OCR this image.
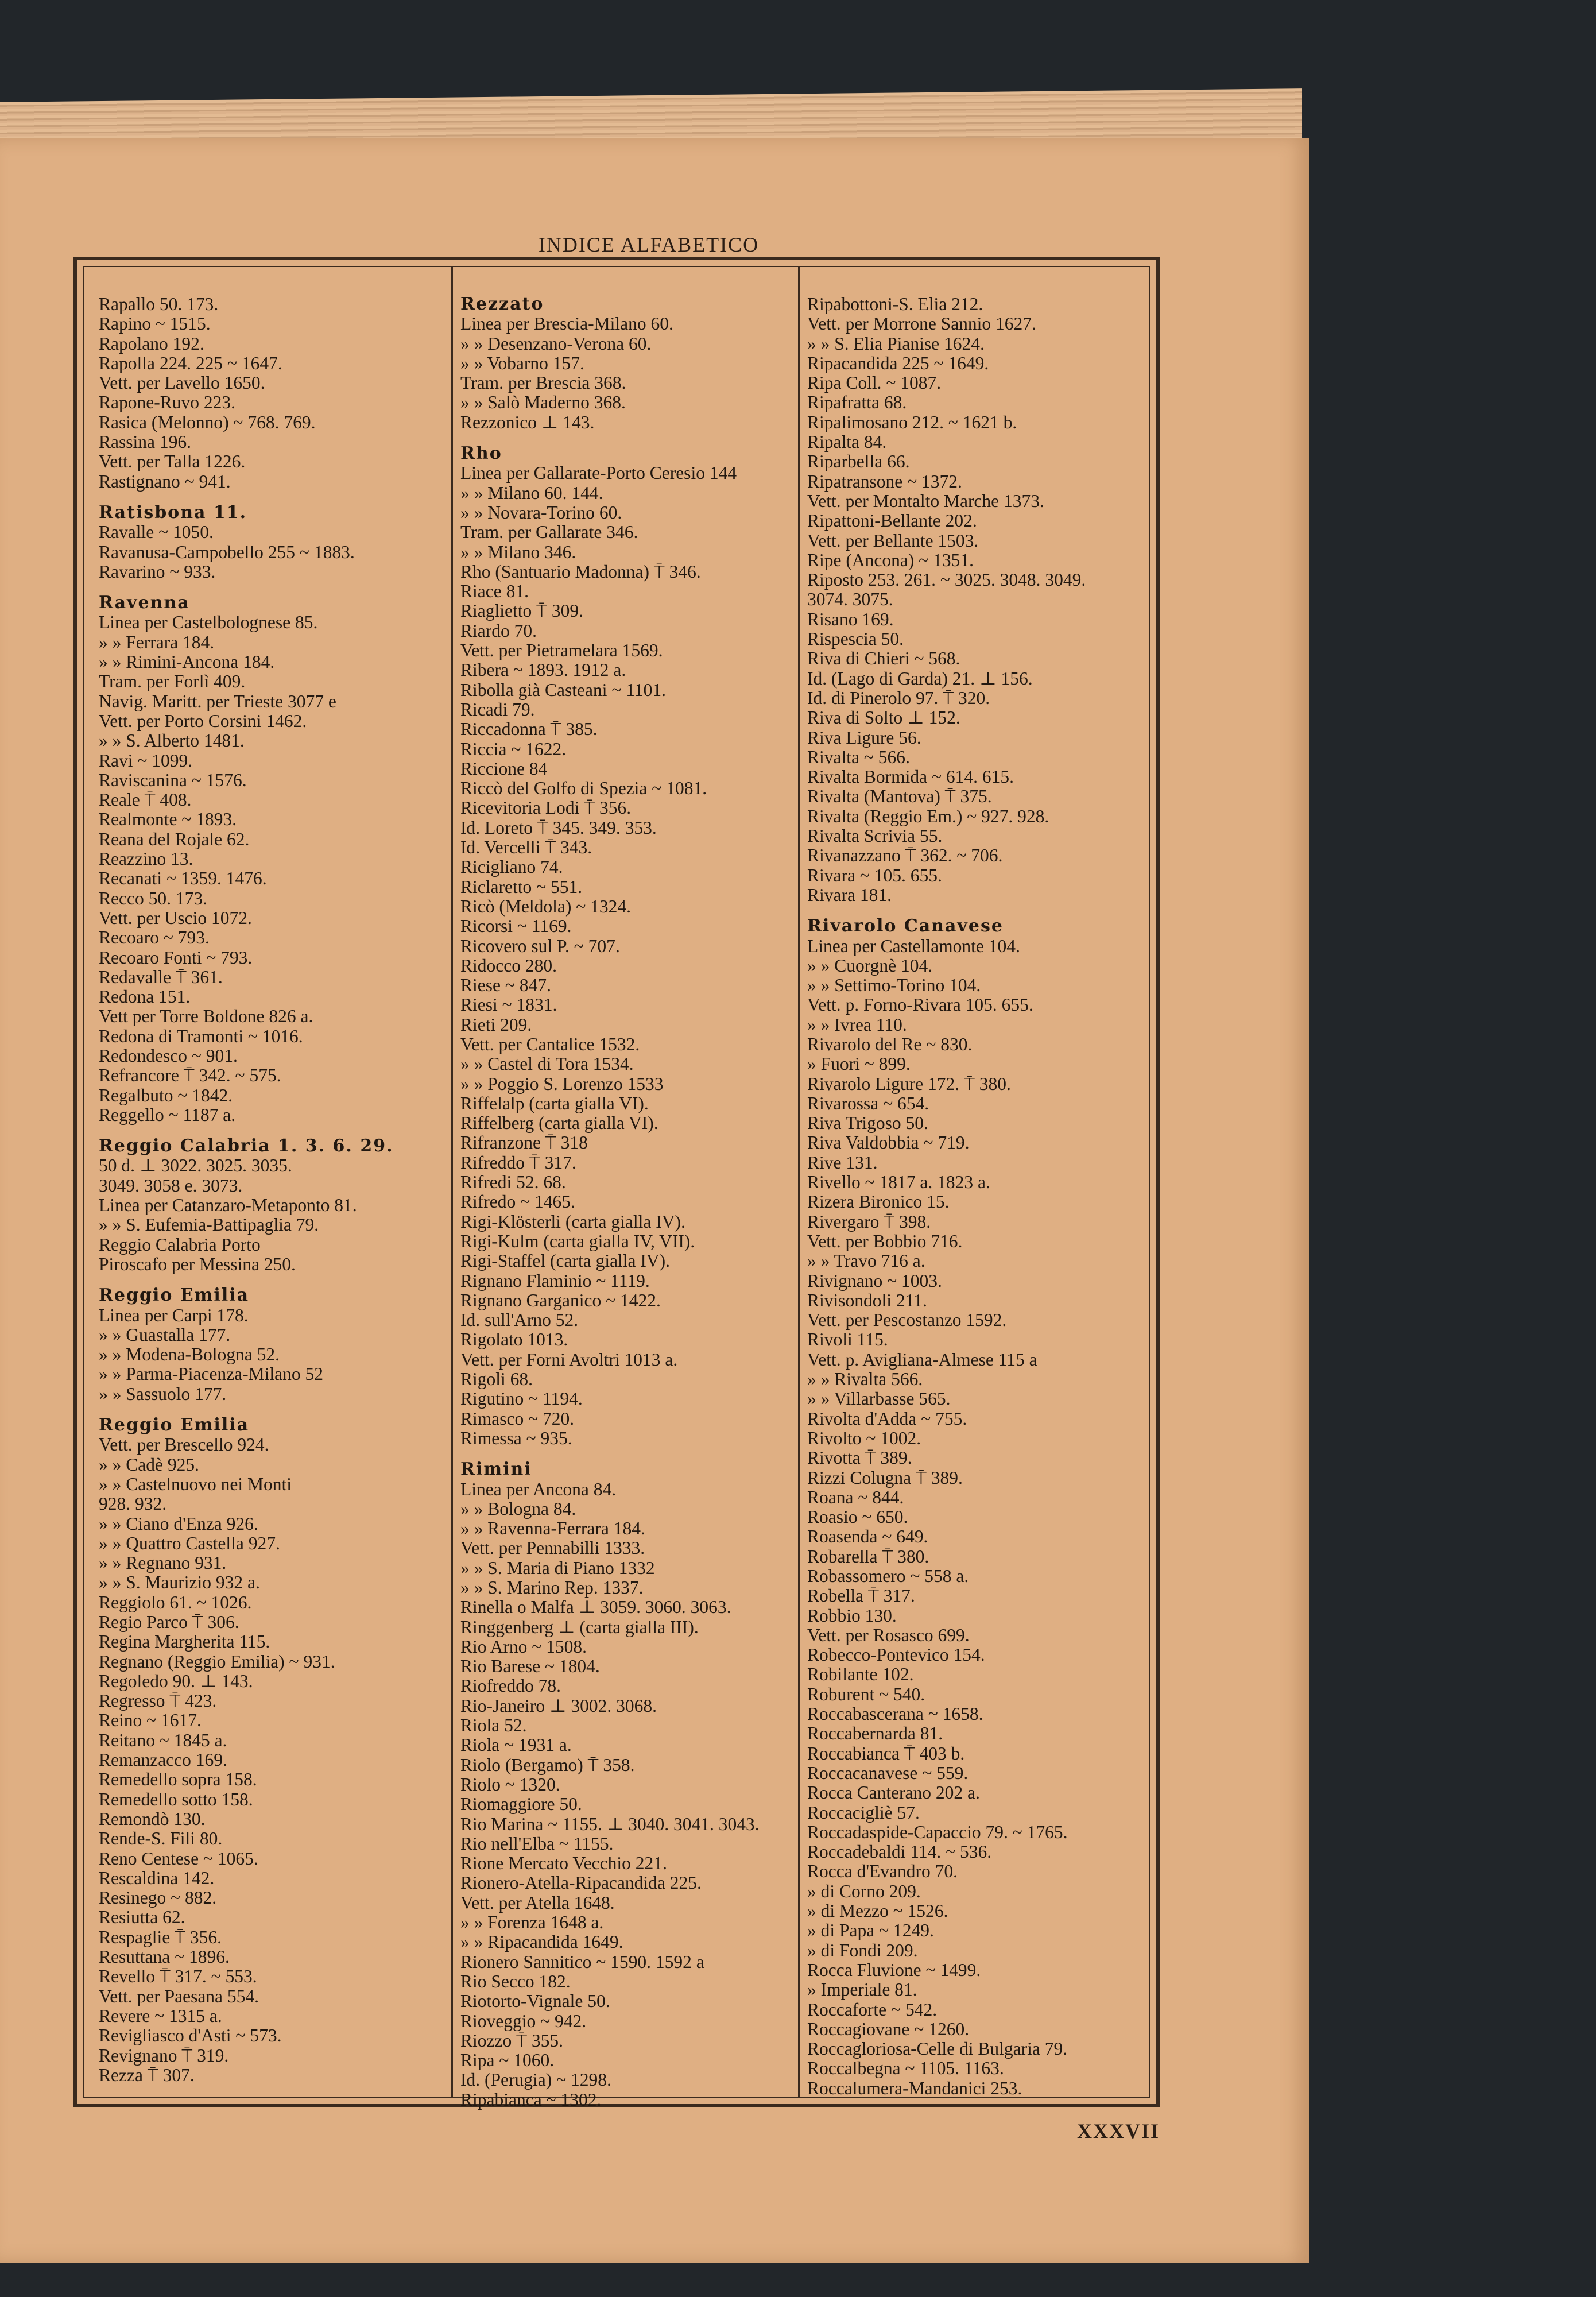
INDICE ALFABETICO
Rapallo 50. 173.
Rapino ~ 1515.
Rapolano 192.
Rapolla 224. 225 ~ 1647.
Vett. per Lavello 1650.
Rapone-Ruvo 223.
Rasica (Melonno) ~ 768. 769.
Rassina 196.
Vett. per Talla 1226.
Rastignano ~ 941.
Ratisbona 11.
Ravalle ~ 1050.
Ravanusa-Campobello 255 ~ 1883.
Ravarino ~ 933.
Ravenna
Linea per Castelbolognese 85.
» » Ferrara 184.
» » Rimini-Ancona 184.
Tram. per Forlì 409.
Navig. Maritt. per Trieste 3077 e
Vett. per Porto Corsini 1462.
» » S. Alberto 1481.
Ravi ~ 1099.
Raviscanina ~ 1576.
Reale ⍑ 408.
Realmonte ~ 1893.
Reana del Rojale 62.
Reazzino 13.
Recanati ~ 1359. 1476.
Recco 50. 173.
Vett. per Uscio 1072.
Recoaro ~ 793.
Recoaro Fonti ~ 793.
Redavalle ⍑ 361.
Redona 151.
Vett per Torre Boldone 826 a.
Redona di Tramonti ~ 1016.
Redondesco ~ 901.
Refrancore ⍑ 342. ~ 575.
Regalbuto ~ 1842.
Reggello ~ 1187 a.
Reggio Calabria 1. 3. 6. 29.
50 d. ⊥ 3022. 3025. 3035.
3049. 3058 e. 3073.
Linea per Catanzaro-Metaponto 81.
» » S. Eufemia-Battipaglia 79.
Reggio Calabria Porto
Piroscafo per Messina 250.
Reggio Emilia
Linea per Carpi 178.
» » Guastalla 177.
» » Modena-Bologna 52.
» » Parma-Piacenza-Milano 52
» » Sassuolo 177.
Reggio Emilia
Vett. per Brescello 924.
» » Cadè 925.
» » Castelnuovo nei Monti
928. 932.
» » Ciano d'Enza 926.
» » Quattro Castella 927.
» » Regnano 931.
» » S. Maurizio 932 a.
Reggiolo 61. ~ 1026.
Regio Parco ⍑ 306.
Regina Margherita 115.
Regnano (Reggio Emilia) ~ 931.
Regoledo 90. ⊥ 143.
Regresso ⍑ 423.
Reino ~ 1617.
Reitano ~ 1845 a.
Remanzacco 169.
Remedello sopra 158.
Remedello sotto 158.
Remondò 130.
Rende-S. Fili 80.
Reno Centese ~ 1065.
Rescaldina 142.
Resinego ~ 882.
Resiutta 62.
Respaglie ⍑ 356.
Resuttana ~ 1896.
Revello ⍑ 317. ~ 553.
Vett. per Paesana 554.
Revere ~ 1315 a.
Revigliasco d'Asti ~ 573.
Revignano ⍑ 319.
Rezza ⍑ 307.
Rezzato
Linea per Brescia-Milano 60.
» » Desenzano-Verona 60.
» » Vobarno 157.
Tram. per Brescia 368.
» » Salò Maderno 368.
Rezzonico ⊥ 143.
Rho
Linea per Gallarate-Porto Ceresio 144
» » Milano 60. 144.
» » Novara-Torino 60.
Tram. per Gallarate 346.
» » Milano 346.
Rho (Santuario Madonna) ⍑ 346.
Riace 81.
Riaglietto ⍑ 309.
Riardo 70.
Vett. per Pietramelara 1569.
Ribera ~ 1893. 1912 a.
Ribolla già Casteani ~ 1101.
Ricadi 79.
Riccadonna ⍑ 385.
Riccia ~ 1622.
Riccione 84
Riccò del Golfo di Spezia ~ 1081.
Ricevitoria Lodi ⍑ 356.
Id. Loreto ⍑ 345. 349. 353.
Id. Vercelli ⍑ 343.
Ricigliano 74.
Riclaretto ~ 551.
Ricò (Meldola) ~ 1324.
Ricorsi ~ 1169.
Ricovero sul P. ~ 707.
Ridocco 280.
Riese ~ 847.
Riesi ~ 1831.
Rieti 209.
Vett. per Cantalice 1532.
» » Castel di Tora 1534.
» » Poggio S. Lorenzo 1533
Riffelalp (carta gialla VI).
Riffelberg (carta gialla VI).
Rifranzone ⍑ 318
Rifreddo ⍑ 317.
Rifredi 52. 68.
Rifredo ~ 1465.
Rigi-Klösterli (carta gialla IV).
Rigi-Kulm (carta gialla IV, VII).
Rigi-Staffel (carta gialla IV).
Rignano Flaminio ~ 1119.
Rignano Garganico ~ 1422.
Id. sull'Arno 52.
Rigolato 1013.
Vett. per Forni Avoltri 1013 a.
Rigoli 68.
Rigutino ~ 1194.
Rimasco ~ 720.
Rimessa ~ 935.
Rimini
Linea per Ancona 84.
» » Bologna 84.
» » Ravenna-Ferrara 184.
Vett. per Pennabilli 1333.
» » S. Maria di Piano 1332
» » S. Marino Rep. 1337.
Rinella o Malfa ⊥ 3059. 3060. 3063.
Ringgenberg ⊥ (carta gialla III).
Rio Arno ~ 1508.
Rio Barese ~ 1804.
Riofreddo 78.
Rio-Janeiro ⊥ 3002. 3068.
Riola 52.
Riola ~ 1931 a.
Riolo (Bergamo) ⍑ 358.
Riolo ~ 1320.
Riomaggiore 50.
Rio Marina ~ 1155. ⊥ 3040. 3041. 3043.
Rio nell'Elba ~ 1155.
Rione Mercato Vecchio 221.
Rionero-Atella-Ripacandida 225.
Vett. per Atella 1648.
» » Forenza 1648 a.
» » Ripacandida 1649.
Rionero Sannitico ~ 1590. 1592 a
Rio Secco 182.
Riotorto-Vignale 50.
Rioveggio ~ 942.
Riozzo ⍑ 355.
Ripa ~ 1060.
Id. (Perugia) ~ 1298.
Ripabianca ~ 1302.
Ripabottoni-S. Elia 212.
Vett. per Morrone Sannio 1627.
» » S. Elia Pianise 1624.
Ripacandida 225 ~ 1649.
Ripa Coll. ~ 1087.
Ripafratta 68.
Ripalimosano 212. ~ 1621 b.
Ripalta 84.
Riparbella 66.
Ripatransone ~ 1372.
Vett. per Montalto Marche 1373.
Ripattoni-Bellante 202.
Vett. per Bellante 1503.
Ripe (Ancona) ~ 1351.
Riposto 253. 261. ~ 3025. 3048. 3049.
3074. 3075.
Risano 169.
Rispescia 50.
Riva di Chieri ~ 568.
Id. (Lago di Garda) 21. ⊥ 156.
Id. di Pinerolo 97. ⍑ 320.
Riva di Solto ⊥ 152.
Riva Ligure 56.
Rivalta ~ 566.
Rivalta Bormida ~ 614. 615.
Rivalta (Mantova) ⍑ 375.
Rivalta (Reggio Em.) ~ 927. 928.
Rivalta Scrivia 55.
Rivanazzano ⍑ 362. ~ 706.
Rivara ~ 105. 655.
Rivara 181.
Rivarolo Canavese
Linea per Castellamonte 104.
» » Cuorgnè 104.
» » Settimo-Torino 104.
Vett. p. Forno-Rivara 105. 655.
» » Ivrea 110.
Rivarolo del Re ~ 830.
» Fuori ~ 899.
Rivarolo Ligure 172. ⍑ 380.
Rivarossa ~ 654.
Riva Trigoso 50.
Riva Valdobbia ~ 719.
Rive 131.
Rivello ~ 1817 a. 1823 a.
Rizera Bironico 15.
Rivergaro ⍑ 398.
Vett. per Bobbio 716.
» » Travo 716 a.
Rivignano ~ 1003.
Rivisondoli 211.
Vett. per Pescostanzo 1592.
Rivoli 115.
Vett. p. Avigliana-Almese 115 a
» » Rivalta 566.
» » Villarbasse 565.
Rivolta d'Adda ~ 755.
Rivolto ~ 1002.
Rivotta ⍑ 389.
Rizzi Colugna ⍑ 389.
Roana ~ 844.
Roasio ~ 650.
Roasenda ~ 649.
Robarella ⍑ 380.
Robassomero ~ 558 a.
Robella ⍑ 317.
Robbio 130.
Vett. per Rosasco 699.
Robecco-Pontevico 154.
Robilante 102.
Roburent ~ 540.
Roccabascerana ~ 1658.
Roccabernarda 81.
Roccabianca ⍑ 403 b.
Roccacanavese ~ 559.
Rocca Canterano 202 a.
Roccacigliè 57.
Roccadaspide-Capaccio 79. ~ 1765.
Roccadebaldi 114. ~ 536.
Rocca d'Evandro 70.
» di Corno 209.
» di Mezzo ~ 1526.
» di Papa ~ 1249.
» di Fondi 209.
Rocca Fluvione ~ 1499.
» Imperiale 81.
Roccaforte ~ 542.
Roccagiovane ~ 1260.
Roccagloriosa-Celle di Bulgaria 79.
Roccalbegna ~ 1105. 1163.
Roccalumera-Mandanici 253.
XXXVII
